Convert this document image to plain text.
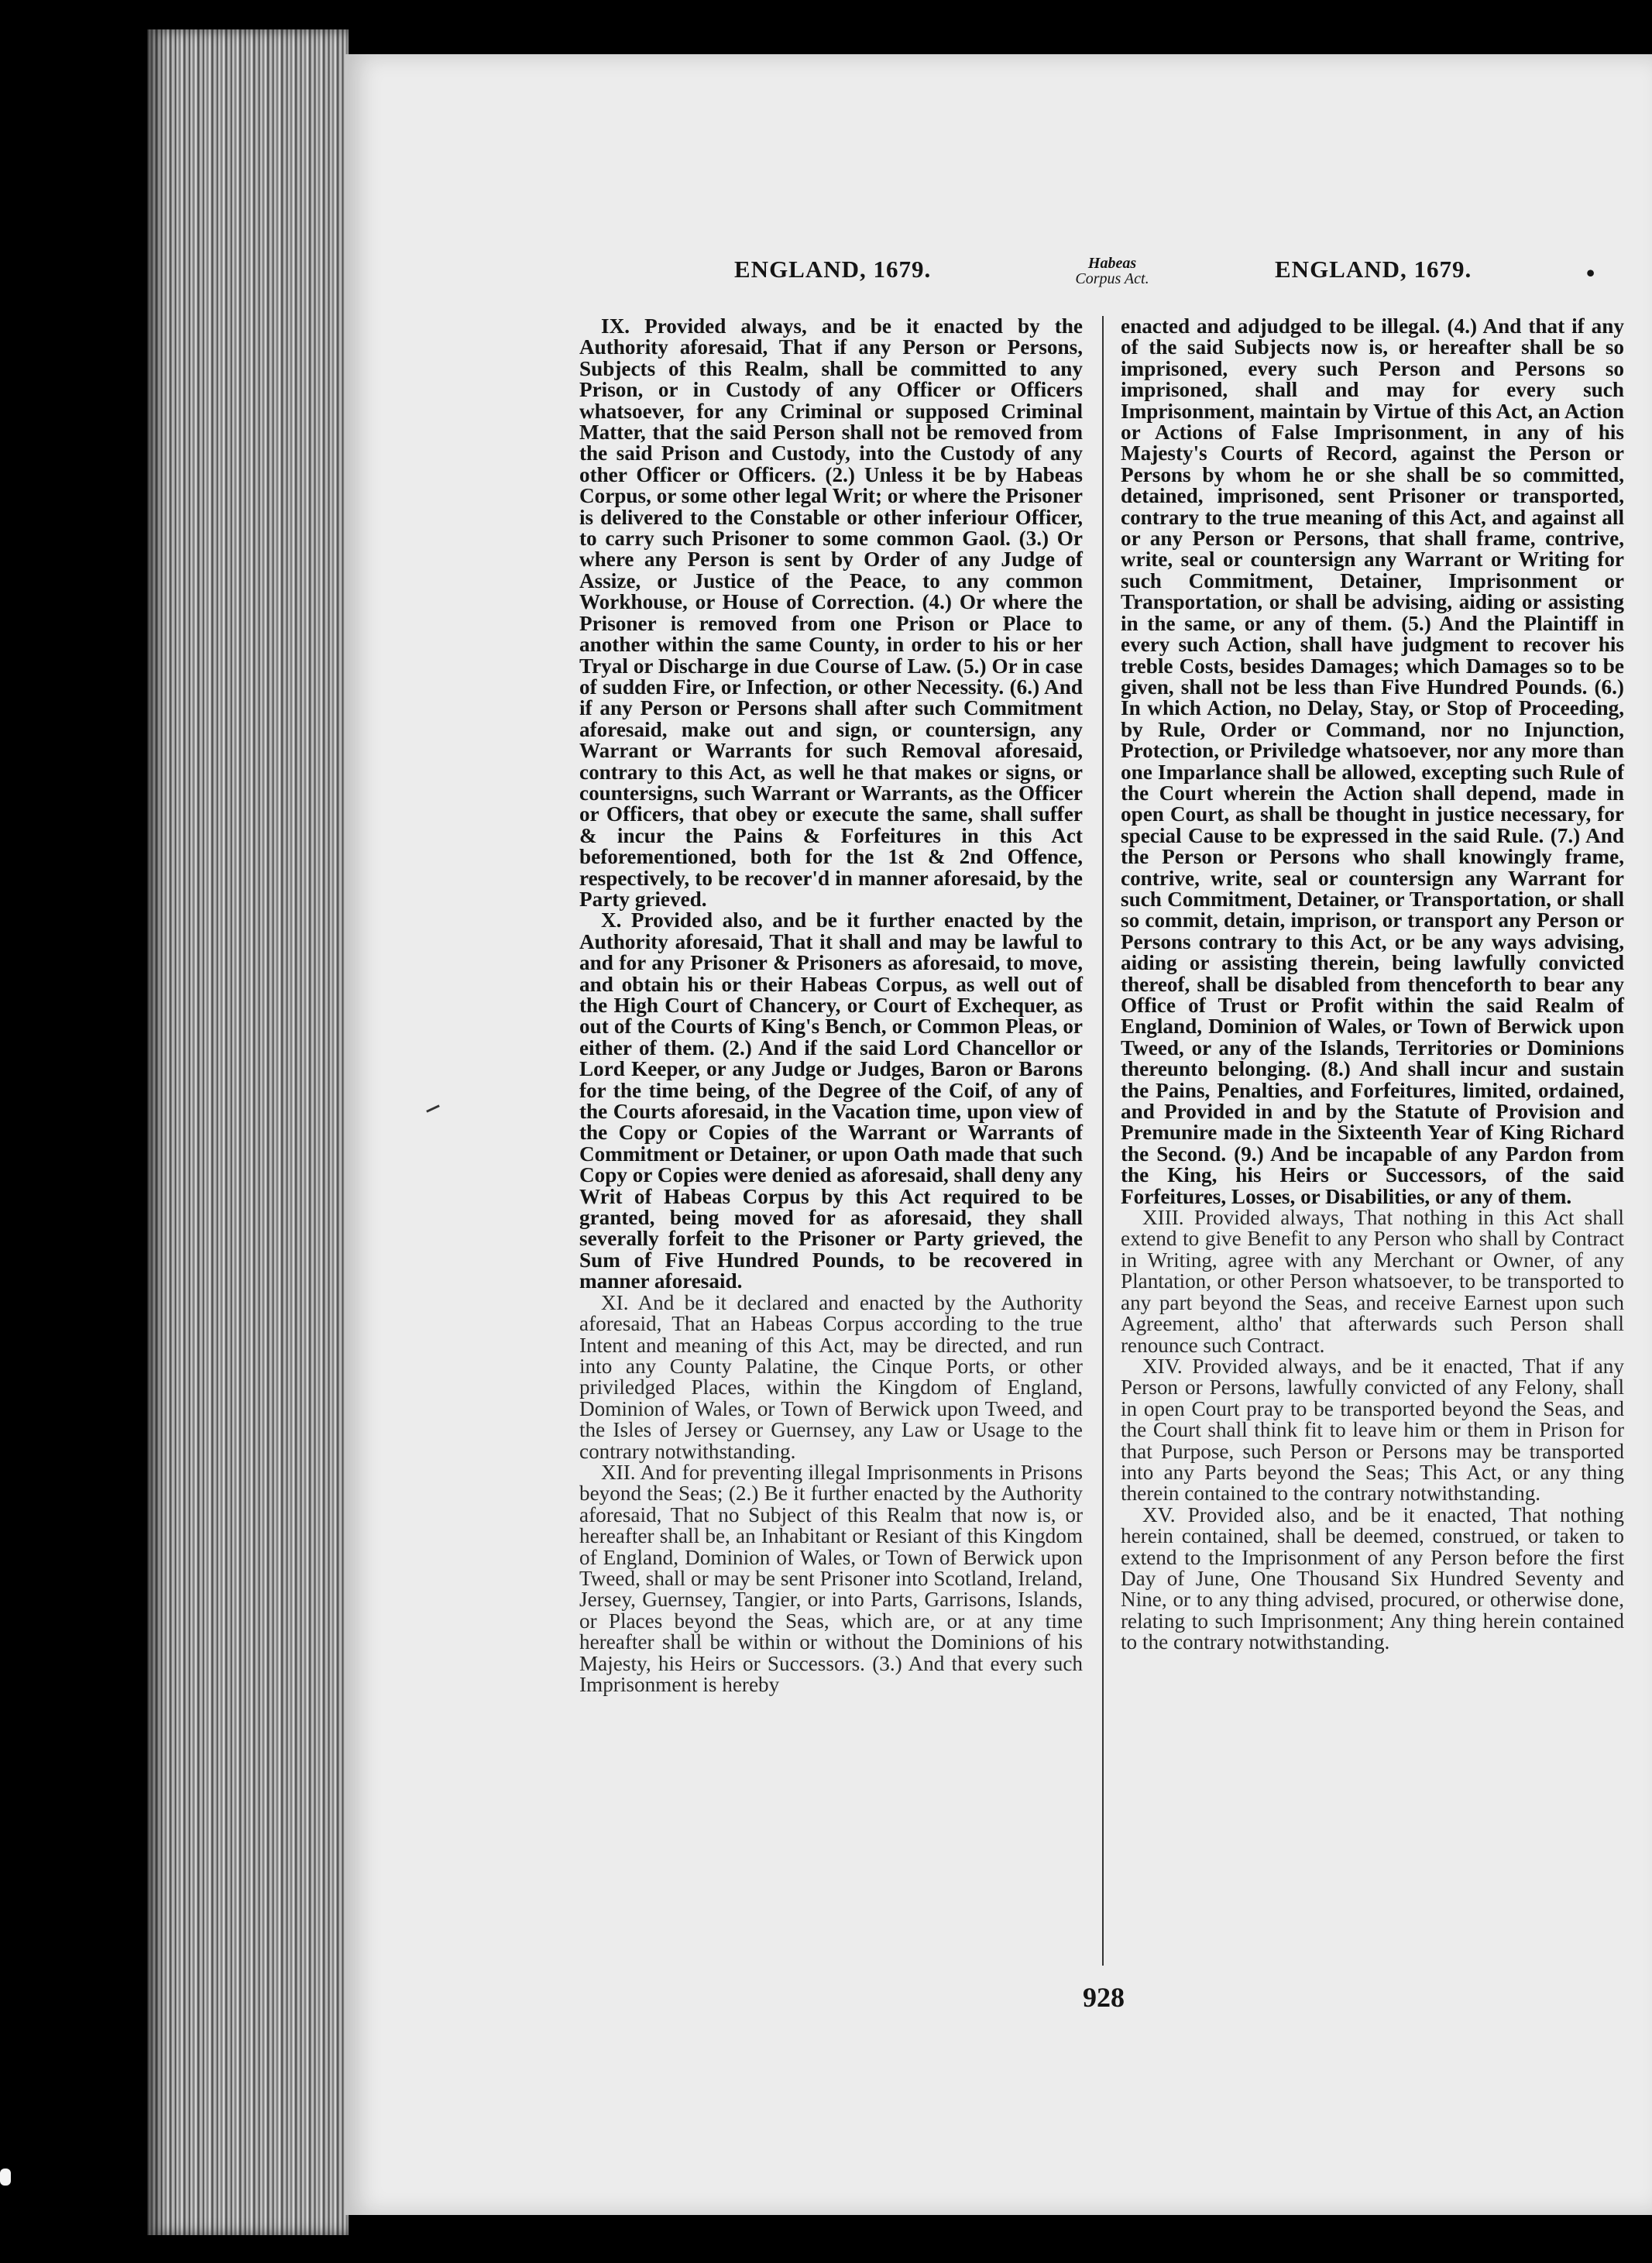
ENGLAND, 1679.	Habeas
Corpus Act.	ENGLAND, 1679.	•

IX. Provided always, and be it enacted by the Authority aforesaid, That if any Person or Persons, Subjects of this Realm, shall be committed to any Prison, or in Custody of any Officer or Officers whatsoever, for any Criminal or supposed Criminal Matter, that the said Person shall not be removed from the said Prison and Custody, into the Custody of any other Officer or Officers. (2.) Unless it be by Habeas Corpus, or some other legal Writ; or where the Prisoner is delivered to the Constable or other inferiour Officer, to carry such Prisoner to some common Gaol. (3.) Or where any Person is sent by Order of any Judge of Assize, or Justice of the Peace, to any common Workhouse, or House of Correction. (4.) Or where the Prisoner is removed from one Prison or Place to another within the same County, in order to his or her Tryal or Discharge in due Course of Law. (5.) Or in case of sudden Fire, or Infection, or other Necessity. (6.) And if any Person or Persons shall after such Commitment aforesaid, make out and sign, or countersign, any Warrant or Warrants for such Removal aforesaid, contrary to this Act, as well he that makes or signs, or countersigns, such Warrant or Warrants, as the Officer or Officers, that obey or execute the same, shall suffer & incur the Pains & Forfeitures in this Act beforementioned, both for the 1st & 2nd Offence, respectively, to be recover'd in manner aforesaid, by the Party grieved.

X. Provided also, and be it further enacted by the Authority aforesaid, That it shall and may be lawful to and for any Prisoner & Prisoners as aforesaid, to move, and obtain his or their Habeas Corpus, as well out of the High Court of Chancery, or Court of Exchequer, as out of the Courts of King's Bench, or Common Pleas, or either of them. (2.) And if the said Lord Chancellor or Lord Keeper, or any Judge or Judges, Baron or Barons for the time being, of the Degree of the Coif, of any of the Courts aforesaid, in the Vacation time, upon view of the Copy or Copies of the Warrant or Warrants of Commitment or Detainer, or upon Oath made that such Copy or Copies were denied as aforesaid, shall deny any Writ of Habeas Corpus by this Act required to be granted, being moved for as aforesaid, they shall severally forfeit to the Prisoner or Party grieved, the Sum of Five Hundred Pounds, to be recovered in manner aforesaid.

XI. And be it declared and enacted by the Authority aforesaid, That an Habeas Corpus according to the true Intent and meaning of this Act, may be directed, and run into any County Palatine, the Cinque Ports, or other priviledged Places, within the Kingdom of England, Dominion of Wales, or Town of Berwick upon Tweed, and the Isles of Jersey or Guernsey, any Law or Usage to the contrary notwithstanding.

XII. And for preventing illegal Imprisonments in Prisons beyond the Seas; (2.) Be it further enacted by the Authority aforesaid, That no Subject of this Realm that now is, or hereafter shall be, an Inhabitant or Resiant of this Kingdom of England, Dominion of Wales, or Town of Berwick upon Tweed, shall or may be sent Prisoner into Scotland, Ireland, Jersey, Guernsey, Tangier, or into Parts, Garrisons, Islands, or Places beyond the Seas, which are, or at any time hereafter shall be within or without the Dominions of his Majesty, his Heirs or Successors. (3.) And that every such Imprisonment is hereby

enacted and adjudged to be illegal. (4.) And that if any of the said Subjects now is, or hereafter shall be so imprisoned, every such Person and Persons so imprisoned, shall and may for every such Imprisonment, maintain by Virtue of this Act, an Action or Actions of False Imprisonment, in any of his Majesty's Courts of Record, against the Person or Persons by whom he or she shall be so committed, detained, imprisoned, sent Prisoner or transported, contrary to the true meaning of this Act, and against all or any Person or Persons, that shall frame, contrive, write, seal or countersign any Warrant or Writing for such Commitment, Detainer, Imprisonment or Transportation, or shall be advising, aiding or assisting in the same, or any of them. (5.) And the Plaintiff in every such Action, shall have judgment to recover his treble Costs, besides Damages; which Damages so to be given, shall not be less than Five Hundred Pounds. (6.) In which Action, no Delay, Stay, or Stop of Proceeding, by Rule, Order or Command, nor no Injunction, Protection, or Priviledge whatsoever, nor any more than one Imparlance shall be allowed, excepting such Rule of the Court wherein the Action shall depend, made in open Court, as shall be thought in justice necessary, for special Cause to be expressed in the said Rule. (7.) And the Person or Persons who shall knowingly frame, contrive, write, seal or countersign any Warrant for such Commitment, Detainer, or Transportation, or shall so commit, detain, imprison, or transport any Person or Persons contrary to this Act, or be any ways advising, aiding or assisting therein, being lawfully convicted thereof, shall be disabled from thenceforth to bear any Office of Trust or Profit within the said Realm of England, Dominion of Wales, or Town of Berwick upon Tweed, or any of the Islands, Territories or Dominions thereunto belonging. (8.) And shall incur and sustain the Pains, Penalties, and Forfeitures, limited, ordained, and Provided in and by the Statute of Provision and Premunire made in the Sixteenth Year of King Richard the Second. (9.) And be incapable of any Pardon from the King, his Heirs or Successors, of the said Forfeitures, Losses, or Disabilities, or any of them.

XIII. Provided always, That nothing in this Act shall extend to give Benefit to any Person who shall by Contract in Writing, agree with any Merchant or Owner, of any Plantation, or other Person whatsoever, to be transported to any part beyond the Seas, and receive Earnest upon such Agreement, altho' that afterwards such Person shall renounce such Contract.

XIV. Provided always, and be it enacted, That if any Person or Persons, lawfully convicted of any Felony, shall in open Court pray to be transported beyond the Seas, and the Court shall think fit to leave him or them in Prison for that Purpose, such Person or Persons may be transported into any Parts beyond the Seas; This Act, or any thing therein contained to the contrary notwithstanding.

XV. Provided also, and be it enacted, That nothing herein contained, shall be deemed, construed, or taken to extend to the Imprisonment of any Person before the first Day of June, One Thousand Six Hundred Seventy and Nine, or to any thing advised, procured, or otherwise done, relating to such Imprisonment; Any thing herein contained to the contrary notwithstanding.

928
